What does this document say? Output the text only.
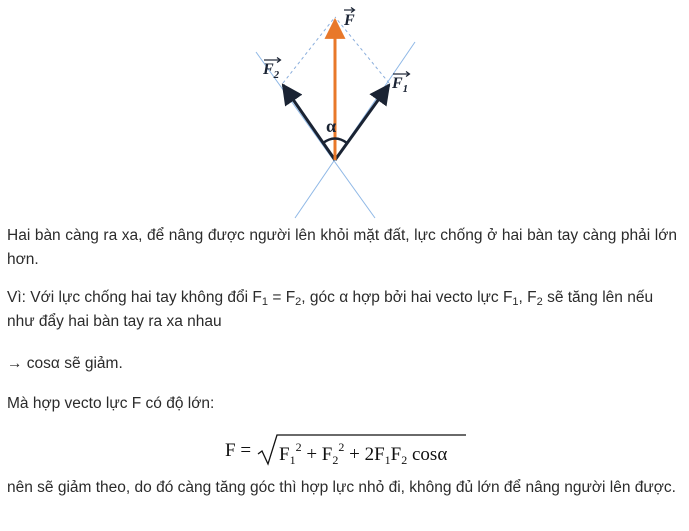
F
$F_2$	$F_1$
α

Hai bàn càng ra xa, để nâng được người lên khỏi mặt đất, lực chống ở hai bàn tay càng phải lớn hơn.

Vì: Với lực chống hai tay không đổi $F_1 = F_2$, góc α hợp bởi hai vecto lực $F_1$, $F_2$ sẽ tăng lên nếu như đẩy hai bàn tay ra xa nhau

→ cosα sẽ giảm.

Mà hợp vecto lực F có độ lớn:

$F = F_1^2 + F_2^2 + 2F_1F_2$ cosα

nên sẽ giảm theo, do đó càng tăng góc thì hợp lực nhỏ đi, không đủ lớn để nâng người lên được.
